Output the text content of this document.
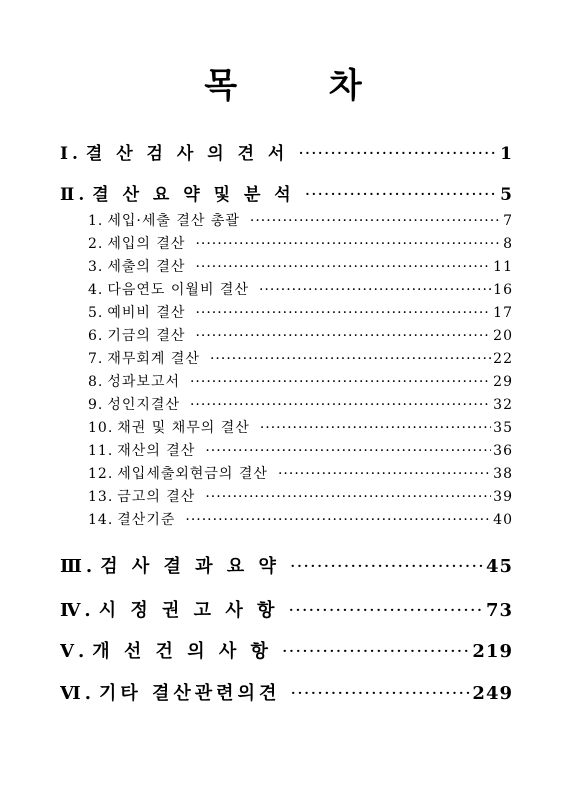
목 차
Ⅰ. 결 산 검 사 의 견 서 ·····	1
Ⅱ. 결 산 요 약 및 분 석 ·····	5
1. 세입·세출 결산 총괄 ·····	7
2. 세입의 결산 ·····	8
3. 세출의 결산 ·····	11
4. 다음연도 이월비 결산 ·····	16
5. 예비비 결산 ·····	17
6. 기금의 결산 ·····	20
7. 재무회계 결산 ·····	22
8. 성과보고서 ·····	29
9. 성인지결산 ·····	32
10. 채권 및 채무의 결산 ·····	35
11. 재산의 결산 ·····	36
12. 세입세출외현금의 결산 ·····	38
13. 금고의 결산 ·····	39
14. 결산기준 ·····	40
Ⅲ. 검 사 결 과 요 약 ·····	45
Ⅳ. 시 정 권 고 사 항 ·····	73
Ⅴ. 개 선 건 의 사 항 ·····	219
Ⅵ. 기타 결산관련의견 ·····	249
